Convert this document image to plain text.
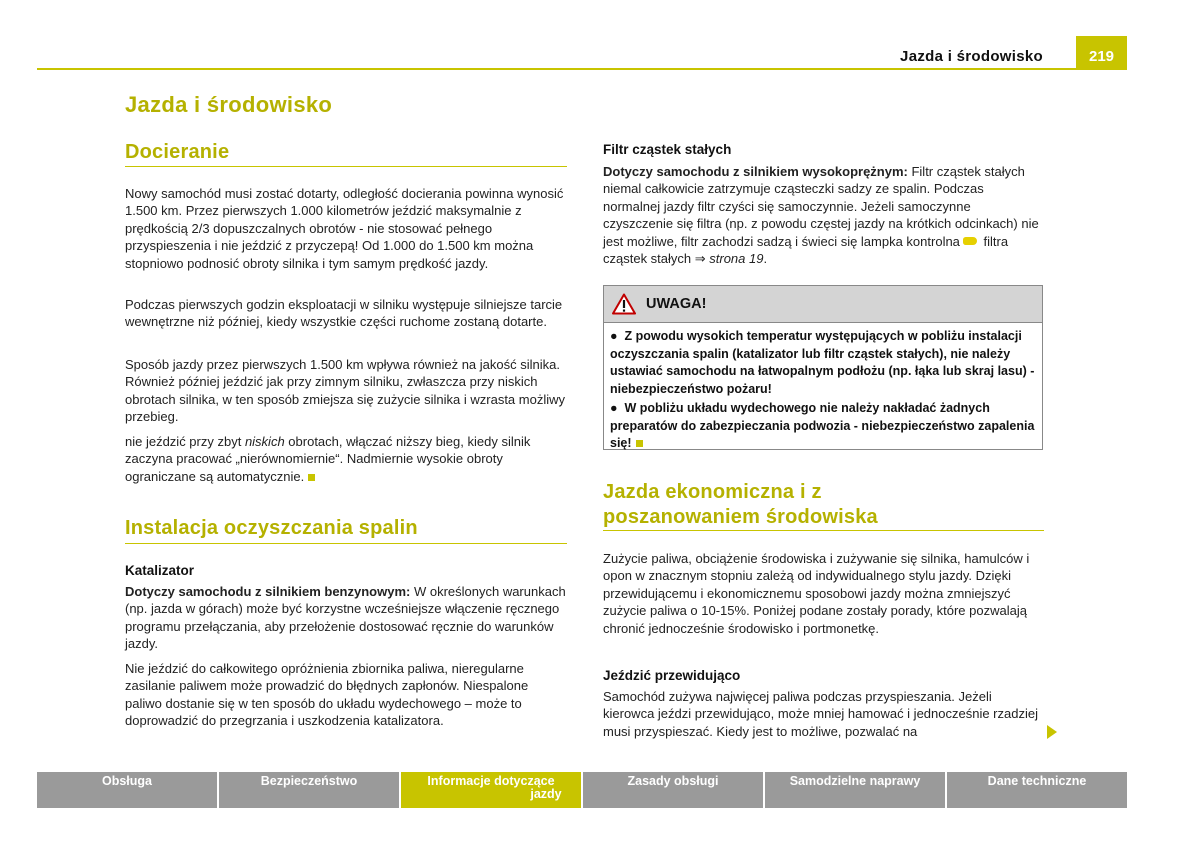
Jazda i środowisko	219
Jazda i środowisko
Docieranie

Nowy samochód musi zostać dotarty, odległość docierania powinna wynosić 1.500 km. Przez pierwszych 1.000 kilometrów jeździć maksymalnie z prędkością 2/3 dopuszczalnych obrotów - nie stosować pełnego przyspieszenia i nie jeździć z przyczepą! Od 1.000 do 1.500 km można stopniowo podnosić obroty silnika i tym samym prędkość jazdy.

Podczas pierwszych godzin eksploatacji w silniku występuje silniejsze tarcie wewnętrzne niż później, kiedy wszystkie części ruchome zostaną dotarte.

Sposób jazdy przez pierwszych 1.500 km wpływa również na jakość silnika. Również później jeździć jak przy zimnym silniku, zwłaszcza przy niskich obrotach silnika, w ten sposób zmiejsza się zużycie silnika i wzrasta możliwy przebieg.

nie jeździć przy zbyt niskich obrotach, włączać niższy bieg, kiedy silnik zaczyna pracować „nierównomiernie“. Nadmiernie wysokie obroty ograniczane są automatycznie.

Instalacja oczyszczania spalin
Katalizator

Dotyczy samochodu z silnikiem benzynowym: W określonych warunkach (np. jazda w górach) może być korzystne wcześniejsze włączenie ręcznego programu przełączania, aby przełożenie dostosować ręcznie do warunków jazdy.

Nie jeździć do całkowitego opróżnienia zbiornika paliwa, nieregularne zasilanie paliwem może prowadzić do błędnych zapłonów. Niespalone paliwo dostanie się w ten sposób do układu wydechowego – może to doprowadzić do przegrzania i uszkodzenia katalizatora.

Filtr cząstek stałych

Dotyczy samochodu z silnikiem wysokoprężnym: Filtr cząstek stałych niemal całkowicie zatrzymuje cząsteczki sadzy ze spalin. Podczas normalnej jazdy filtr czyści się samoczynnie. Jeżeli samoczynne czyszczenie się filtra (np. z powodu częstej jazdy na krótkich odcinkach) nie jest możliwe, filtr zachodzi sadzą i świeci się lampka kontrolna filtra cząstek stałych ⇒ strona 19.

UWAGA!

●  Z powodu wysokich temperatur występujących w pobliżu instalacji oczyszczania spalin (katalizator lub filtr cząstek stałych), nie należy ustawiać samochodu na łatwopalnym podłożu (np. łąka lub skraj lasu) - niebezpieczeństwo pożaru!

●  W pobliżu układu wydechowego nie należy nakładać żadnych preparatów do zabezpieczania podwozia - niebezpieczeństwo zapalenia się!

Jazda ekonomiczna i z
poszanowaniem środowiska

Zużycie paliwa, obciążenie środowiska i zużywanie się silnika, hamulców i opon w znacznym stopniu zależą od indywidualnego stylu jazdy. Dzięki przewidującemu i ekonomicznemu sposobowi jazdy można zmniejszyć zużycie paliwa o 10-15%. Poniżej podane zostały porady, które pozwalają chronić jednocześnie środowisko i portmonetkę.

Jeździć przewidująco

Samochód zużywa najwięcej paliwa podczas przyspieszania. Jeżeli kierowca jeździ przewidująco, może mniej hamować i jednocześnie rzadziej musi przyspieszać. Kiedy jest to możliwe, pozwalać na

Obsługa	Bezpieczeństwo	Informacje dotyczące
jazdy
Zasady obsługi	Samodzielne naprawy	Dane techniczne
